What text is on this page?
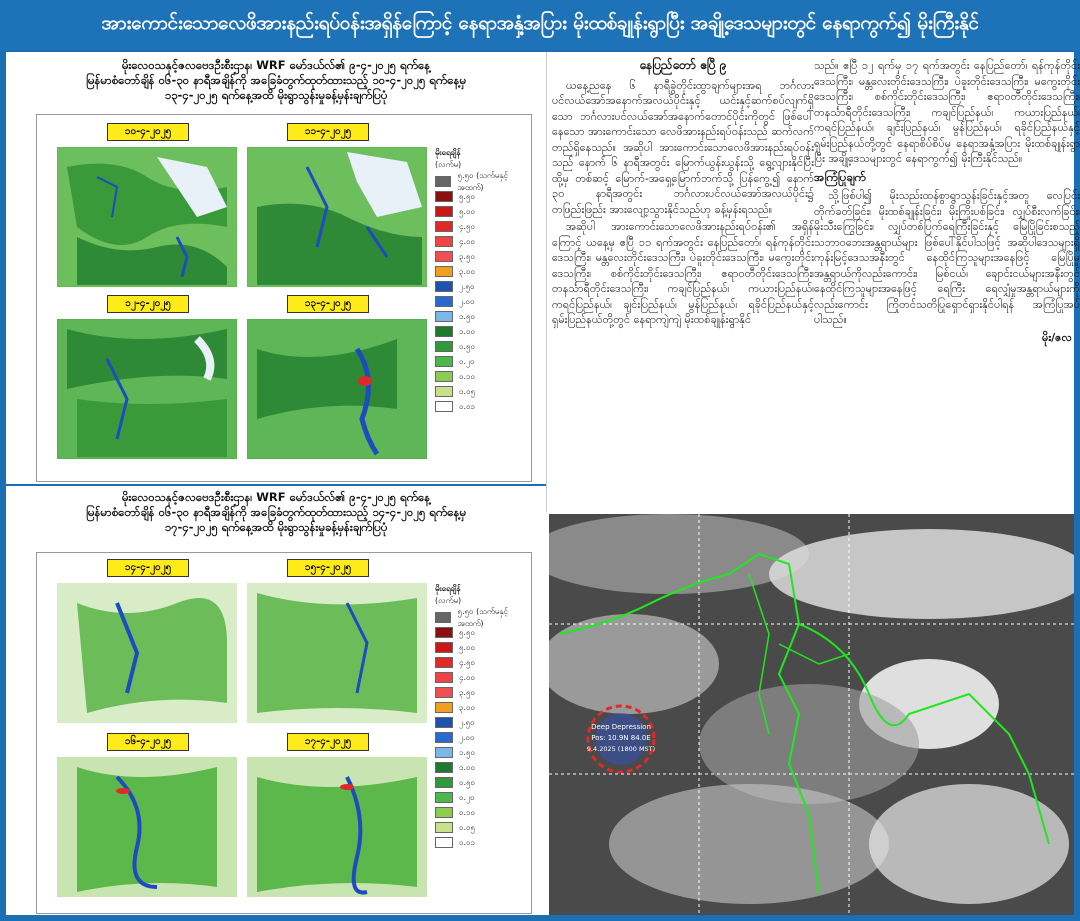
အားကောင်းသောလေဖိအားနည်းရပ်ဝန်းအရှိန်ကြောင့် နေရာအနှံ့အပြား မိုးထစ်ချုန်းရွာပြီး အချို့ဒေသများတွင် နေရာကွက်၍ မိုးကြီးနိုင်
မိုးလေဝသနှင့်ဇလဗေဒဦးစီးဌာန၊ WRF မော်ဒယ်လ်၏ ၉-၄-၂၀၂၅ ရက်နေ့
မြန်မာစံတော်ချိန် ၀၆-၃၀ နာရီအချိန်ကို အခြေခံတွက်ထုတ်ထားသည့် ၁၀-၄-၂၀၂၅ ရက်နေ့မှ
၁၃-၄-၂၀၂၅ ရက်နေ့အထိ မိုးရွာသွန်းမှုခန့်မှန်းချက်ပြပုံ
၁၀-၄-၂၀၂၅	၁၁-၄-၂၀၂၅
၁၂-၄-၂၀၂၅	၁၃-၄-၂၀၂၅
မိုးရေချိန်
(လက်မ)
၅.၅၀ (သက်မနှင့် အထက်)
၅.၅၀
၅.၀၀
၄.၅၀
၄.၀၀
၃.၅၀
၃.၀၀
၂.၅၀
၂.၀၀
၁.၅၀
၁.၀၀
၀.၅၀
၀.၂၀
၀.၁၀
၀.၀၅
၀.၀၁
မိုးလေဝသနှင့်ဇလဗေဒဦးစီးဌာန၊ WRF မော်ဒယ်လ်၏ ၉-၄-၂၀၂၅ ရက်နေ့
မြန်မာစံတော်ချိန် ၀၆-၃၀ နာရီအချိန်ကို အခြေခံတွက်ထုတ်ထားသည့် ၁၄-၄-၂၀၂၅ ရက်နေ့မှ
၁၇-၄-၂၀၂၅ ရက်နေ့အထိ မိုးရွာသွန်းမှုခန့်မှန်းချက်ပြပုံ
၁၄-၄-၂၀၂၅	၁၅-၄-၂၀၂၅
၁၆-၄-၂၀၂၅	၁၇-၄-၂၀၂၅
မိုးရေချိန်
(လက်မ)
၅.၅၀ (သက်မနှင့် အထက်)
၅.၅၀
၅.၀၀
၄.၅၀
၄.၀၀
၃.၅၀
၃.၀၀
၂.၅၀
၂.၀၀
၁.၅၀
၁.၀၀
၀.၅၀
၀.၂၀
၀.၁၀
၀.၀၅
၀.၀၁
နေပြည်တော် ဧပြီ ၉

ယနေ့ညနေ ၆ နာရီခွဲတိုင်းထွာချက်များအရ ဘင်္ဂလားပင်လယ်အော်အနောက်အလယ်ပိုင်းနှင့် ယင်းနှင့်ဆက်စပ်လျက်ရှိသော ဘင်္ဂလားပင်လယ်အော်အနောက်တောင်ပိုင်းကိုတွင် ဖြစ်ပေါ်နေသော အားကောင်းသော လေဖိအားနည်းရပ်ဝန်းသည် ဆက်လက်တည်ရှိနေသည်။ အဆိုပါ အားကောင်းသောလေဖိအားနည်းရပ်ဝန်းသည် နောက် ၆ နာရီအတွင်း မြောက်ယွန်းယွန်းသို့ ရွေ့လျားနိုင်ပြီး ထို့မှ တစ်ဆင့် မြောက်-အရှေ့မြောက်ဘက်သို့ ပြန်ကွေ့၍ နောက် ၃၀ နာရီအတွင်း ဘင်္ဂလားပင်လယ်အော်အလယ်ပိုင်း၌ တဖြည်းဖြည်း အားလျော့သွားနိုင်သည်ဟု ခန့်မှန်းရသည်။

အဆိုပါ အားကောင်းသောလေဖိအားနည်းရပ်ဝန်း၏ အရှိန်ကြောင့် ယနေ့မှ ဧပြီ ၁၁ ရက်အတွင်း နေပြည်တော်၊ ရန်ကုန်တိုင်းဒေသကြီး၊ မန္တလေးတိုင်းဒေသကြီး၊ ပဲခူးတိုင်းဒေသကြီး၊ မကွေးတိုင်းဒေသကြီး၊ စစ်ကိုင်းတိုင်းဒေသကြီး၊ ဧရာဝတီတိုင်းဒေသကြီး၊ တနင်္သာရီတိုင်းဒေသကြီး၊ ကချင်ပြည်နယ်၊ ကယားပြည်နယ်၊ ကရင်ပြည်နယ်၊ ချင်းပြည်နယ်၊ မွန်ပြည်နယ်၊ ရခိုင်ပြည်နယ်နှင့် ရှမ်းပြည်နယ်တို့တွင် နေရာကျဲကျဲ မိုးထစ်ချုန်းရွာနိုင်

သည်။ ဧပြီ ၁၂ ရက်မှ ၁၇ ရက်အတွင်း နေပြည်တော်၊ ရန်ကုန်တိုင်းဒေသကြီး၊ မန္တလေးတိုင်းဒေသကြီး၊ ပဲခူးတိုင်းဒေသကြီး၊ မကွေးတိုင်းဒေသကြီး၊ စစ်ကိုင်းတိုင်းဒေသကြီး၊ ဧရာဝတီတိုင်းဒေသကြီး၊ တနင်္သာရီတိုင်းဒေသကြီး၊ ကချင်ပြည်နယ်၊ ကယားပြည်နယ်၊ ကရင်ပြည်နယ်၊ ချင်းပြည်နယ်၊ မွန်ပြည်နယ်၊ ရခိုင်ပြည်နယ်နှင့် ရှမ်းပြည်နယ်တို့တွင် နေရာစိပ်စိပ်မှ နေရာအနှံ့အပြား မိုးထစ်ချုန်းရွာပြီး အချို့ဒေသများတွင် နေရာကွက်၍ မိုးကြီးနိုင်သည်။

အကြံပြုချက်

သို့ဖြစ်ပါ၍ မိုးသည်းထန်စွာရွာသွန်းခြင်းနှင့်အတူ လေပြင်းတိုက်ခတ်ခြင်း၊ မိုးထစ်ချုန်းခြင်း၊ မိုးကြိုးပစ်ခြင်း၊ လျှပ်စီးလက်ခြင်း၊ မိုးသီးကြွေခြင်း၊ လျှပ်တစ်ပြက်ရေကြီးခြင်းနှင့် မြေပြိုခြင်းစသည့် သဘာဝဘေးအန္တရာယ်များ ဖြစ်ပေါ်နိုင်ပါသဖြင့် အဆိုပါဒေသများရှိ ကုန်းမြင့်ဒေသအနီးတွင် နေထိုင်ကြသူများအနေဖြင့် မြေပြိုမှုအန္တရာယ်ကိုလည်းကောင်း၊ မြစ်ငယ်၊ ချောင်းငယ်များအနီးတွင် နေထိုင်ကြသူများအနေဖြင့် ရေကြီး ရေလျှံမှုအန္တရာယ်များကိုလည်းကောင်း ကြိုတင်သတိပြုရှောင်ရှားနိုင်ပါရန် အကြံပြုအပ်ပါသည်။

မိုး/ဇလ
Deep Depression
Pos: 10.9N 84.0E
9.4.2025 (1800 MST)
